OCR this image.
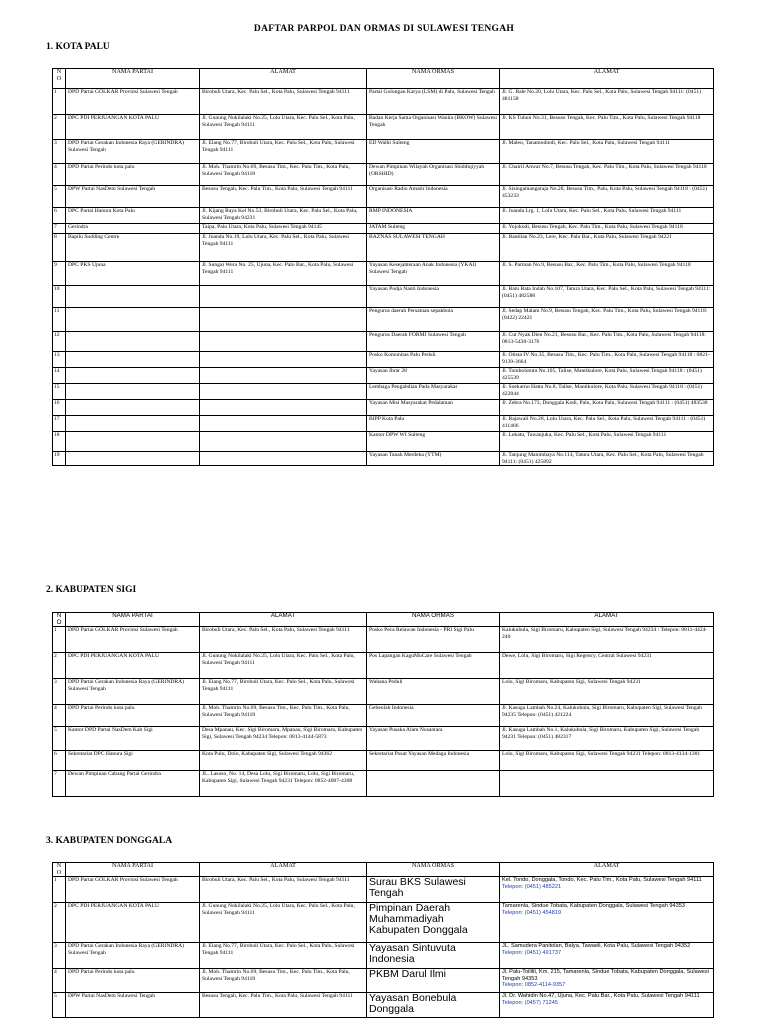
DAFTAR PARPOL DAN ORMAS DI SULAWESI TENGAH
1. KOTA PALU
N O	NAMA PARTAI	ALAMAT	NAMA ORMAS	ALAMAT
1	DPD Partai GOLKAR Provinsi Sulawesi Tengah	Birobuli Utara, Kec. Palu Sel., Kota Palu, Sulawesi Tengah 94111	Partai Golongan Karya (LSM) di Palu, Sulawesi Tengah	Jl. G. Bale No.20, Lolu Utara, Kec. Palu Sel., Kota Palu, Sulawesi Tengah 94111: (0451) 481158
2	DPC PDI PERJUANGAN KOTA PALU	Jl. Gunung Nokilalaki No.25, Lolu Utara, Kec. Palu Sel., Kota Palu, Sulawesi Tengah 94111	Badan Kerja Sama Organisasi Wanita (BKOW) Sulawesi Tengah	Jl. KS Tubun No.31, Besusu Tengah, Kec. Palu Tim., Kota Palu, Sulawesi Tengah 94118
3	DPD Partai Gerakan Indonesia Raya (GERINDRA) Sulawesi Tengah	Jl. Elang No.77, Birobuli Utara, Kec. Palu Sel., Kota Palu, Sulawesi Tengah 94111	ED Walhi Sulteng	Jl. Maleo, Tanamodindi, Kec. Palu Sel., Kota Palu, Sulawesi Tengah 94111
4	DPD Partai Perindo kota palu	Jl. Moh. Thamrin No.69, Besusu Tim., Kec. Palu Tim., Kota Palu, Sulawesi Tengah 94118	Dewan Pimpinan Wilayah Organisasi Shiddiqiyyah (ORSHID)	Jl. Chairil Anwar No.7, Besusu Tengah, Kec. Palu Tim., Kota Palu, Sulawesi Tengah 94118
5	DPW Partai NasDem Sulawesi Tengah	Besusu Tengah, Kec. Palu Tim., Kota Palu, Sulawesi Tengah 94111	Organisasi Radio Amatir Indonesia	Jl. Sisingamangaraja No.28, Besusu Tim., Palu, Kota Palu, Sulawesi Tengah 94118 : (0451) 453233
6	DPC Partai Hanura Kota Palu	Jl. Kijang Raya Kel No.53, Birobuli Utara, Kec. Palu Sel., Kota Palu, Sulawesi Tengah 94231	RMP INDONESIA	Jl. Juanda Lrg. 1, Lolu Utara, Kec. Palu Sel., Kota Palu, Sulawesi Tengah 94111
7	Gerindra	Taipa, Palu Utara, Kota Palu, Sulawesi Tengah 94145	JATAM Sulteng	Jl. Yojokodi, Besusu Tengah, Kec. Palu Tim., Kota Palu, Sulawesi Tengah 94118
8	Bapilu Sudding Centre	Jl. Juanda No.19, Lolu Utara, Kec. Palu Sel., Kota Palu, Sulawesi Tengah 94111	BAZNAS SULAWESI TENGAH	Jl. Bantilan No.23, Lere, Kec. Palu Bar., Kota Palu, Sulawesi Tengah 94221
9	DPC PKS Ujuna	Jl. Sungai Wera No. 25, Ujuna, Kec. Palu Bar., Kota Palu, Sulawesi Tengah 94111	Yayasan Kesejahteraan Anak Indonesia (YKAI) Sulawesi Tengah	Jl. S. Parman No.9, Besusu Bar., Kec. Palu Tim., Kota Palu, Sulawesi Tengah 94118
10			Yayasan Pudja Nanti Indonesia	Jl. Batu Bata Indah No.107, Tatura Utara, Kec. Palu Sel., Kota Palu, Sulawesi Tengah 94111: (0451) 482588
11			Pengurus daerah Persatuan sepakbola	Jl. Sedap Malam No.9, Besusu Tengah, Kec. Palu Tim., Kota Palu, Sulawesi Tengah 94118: (0422) 22421
12			Pengurus Daerah FORMI Sulawesi Tengah	Jl. Cut Nyak Dien No.21, Besusu Bar., Kec. Palu Tim., Kota Palu, Sulawesi Tengah 94118: 0813-5430-3176
13			Posko Komunitas Palu Peduli	Jl. Otista IV No.35, Besusu Tim., Kec. Palu Tim., Kota Palu, Sulawesi Tengah 94118 : 0821-9139-3664
14			Yayasan Ibrar 28	Jl. Tombolotutu No.105, Talise, Mantikulore, Kota Palu, Sulawesi Tengah 94118 : (0451) 425539
15			Lembaga Pengabdian Pada Masyarakat	Jl. Soekarno Hatta No.8, Talise, Mantikulore, Kota Palu, Sulawesi Tengah 94118 : (0451) 422844
16			Yayasan Misi Masyarakat Pedalaman	Jl. Zebra No.173, Donggala Kodi, Palu, Kota Palu, Sulawesi Tengah 94111 : (0451) 483538
17			BIPP Kota Palu	Jl. Rajawali No.28, Lolu Utara, Kec. Palu Sel., Kota Palu, Sulawesi Tengah 94111 : (0451) 411466
18			Kantor DPW WI Sulteng	Jl. Lekatu, Tawanjuka, Kec. Palu Sel., Kota Palu, Sulawesi Tengah 94111
19			Yayasan Tanah Merdeka (YTM)	Jl. Tanjung Manimbaya No.114, Tatura Utara, Kec. Palu Sel., Kota Palu, Sulawesi Tengah 94111: (0451) 425892
2. KABUPATEN SIGI
N O	NAMA PARTAI	ALAMAT	NAMA ORMAS	ALAMAT
1	DPD Partai GOLKAR Provinsi Sulawesi Tengah	Birobuli Utara, Kec. Palu Sel., Kota Palu, Sulawesi Tengah 94111	Posko Peca Relawan Indonesia - PRI Sigi Palu	Kalukubula, Sigi Biromaru, Kabupaten Sigi, Sulawesi Tengah 94234 : Telepon: 0811-4424-240
2	DPC PDI PERJUANGAN KOTA PALU	Jl. Gunung Nokilalaki No.25, Lolu Utara, Kec. Palu Sel., Kota Palu, Sulawesi Tengah 94111	Pos Lapangan KaguMuCare Sulawesi Tengah	Dewe, Lolu, Sigi Biromaru, Sigi Regency, Central Sulawesi 94231
3	DPD Partai Gerakan Indonesia Raya (GERINDRA) Sulawesi Tengah	Jl. Elang No.77, Birobuli Utara, Kec. Palu Sel., Kota Palu, Sulawesi Tengah 94111	Wahana Peduli	Lolu, Sigi Biromaru, Kabupaten Sigi, Sulawesi Tengah 94231
4	DPD Partai Perindo kota palu	Jl. Moh. Thamrin No.69, Besusu Tim., Kec. Palu Tim., Kota Palu, Sulawesi Tengah 94118	Gebeolab Indonesia	Jl. Kasuga Lambah No.24, Kalukubula, Sigi Biromaru, Kabupaten Sigi, Sulawesi Tengah 94235 Telepon: (0451) 421224
5	Kantor DPD Partai NasDem Kab Sigi	Desa Mpanau, Kec. Sigi Biromaru, Mpanau, Sigi Biromaru, Kabupaten Sigi, Sulawesi Tengah 94234 Telepon: 0813-4144-5873	Yayasan Pusaka Alam Nusantara	Jl. Kasuga Lambah No.1, Kalukubula, Sigi Biromaru, Kabupaten Sigi, Sulawesi Tengah 94231 Telepon: (0451) 482317
6	Sekretariat DPC Hanura Sigi	Kota Pulu, Dolo, Kabupaten Sigi, Sulawesi Tengah 94362	Sekretariat Pusat Yayasan Medaga Indonesia	Lolu, Sigi Biromaru, Kabupaten Sigi, Sulawesi Tengah 94231 Telepon: 0813-4134-1381
7	Dewan Pimpinan Cabang Partai Gerindra	JL. Lasoso, No. 14, Desa Lolu, Sigi Biromaru, Lolu, Sigi Biromaru, Kabupaten Sigi, Sulawesi Tengah 94231 Telepon: 0852-4007-4308		
3. KABUPATEN DONGGALA
N O	NAMA PARTAI	ALAMAT	NAMA ORMAS	ALAMAT
1	DPD Partai GOLKAR Provinsi Sulawesi Tengah	Birobuli Utara, Kec. Palu Sel., Kota Palu, Sulawesi Tengah 94111	Surau BKS Sulawesi Tengah	Kel. Tondo, Donggala, Tondo, Kec. Palu Tim., Kota Palu, Sulawesi Tengah 94111
Telepon: (0451) 485221

2	DPC PDI PERJUANGAN KOTA PALU	Jl. Gunung Nokilalaki No.25, Lolu Utara, Kec. Palu Sel., Kota Palu, Sulawesi Tengah 94111	Pimpinan Daerah Muhammadiyah Kabupaten Donggala	Tamarenla, Sindue Tobata, Kabupaten Donggala, Sulawesi Tengah 94353
Telepon: (0451) 454819

3	DPD Partai Gerakan Indonesia Raya (GERINDRA) Sulawesi Tengah	Jl. Elang No.77, Birobuli Utara, Kec. Palu Sel., Kota Palu, Sulawesi Tengah 94111	Yayasan Sintuvuta Indonesia	JL. Samudera Panitolan, Balya, Tawaeli, Kota Palu, Sulawesi Tengah 94352
Telepon: (0451) 491737

4	DPD Partai Perindo kota palu	Jl. Moh. Thamrin No.69, Besusu Tim., Kec. Palu Tim., Kota Palu, Sulawesi Tengah 94118	PKBM Darul Ilmi	Jl. Palu-Toililit, Km. 215, Tamarenla, Sindue Tobata, Kabupaten Donggala, Sulawesi Tengah 94353
Telepon: 0852-4114-9357

5	DPW Partai NasDem Sulawesi Tengah	Besusu Tengah, Kec. Palu Tim., Kota Palu, Sulawesi Tengah 94111	Yayasan Bonebula Donggala	Jl. Dr. Wahidin No.47, Ujuna, Kec. Palu Bar., Kota Palu, Sulawesi Tengah 94111
Telepon: (0457) 71245
